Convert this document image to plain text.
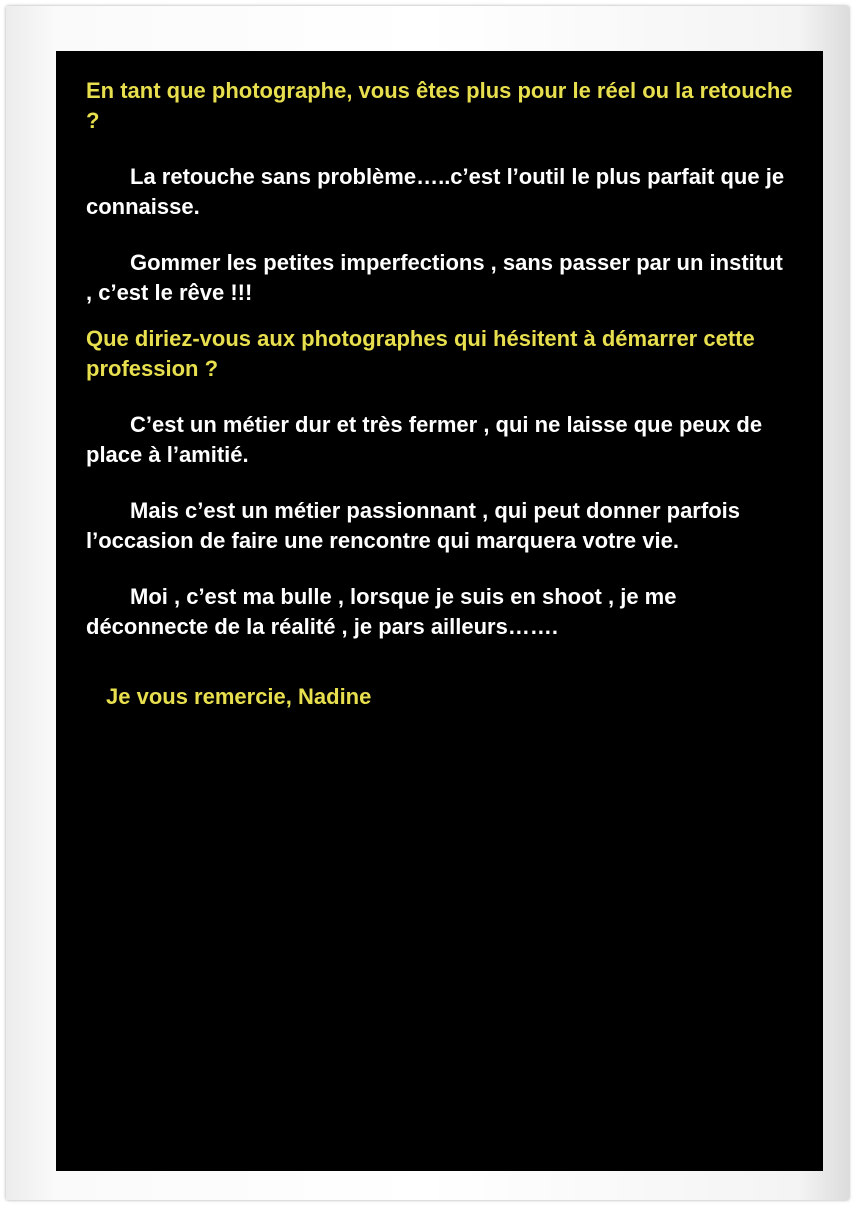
En tant que photographe, vous êtes plus pour le réel ou la retouche ?

La retouche sans problème…..c’est l’outil le plus parfait que je connaisse.

Gommer les petites imperfections , sans passer par un institut , c’est le rêve !!!

Que diriez-vous aux photographes qui hésitent à démarrer cette profession ?

C’est un métier dur et très fermer , qui ne laisse que peux de place à l’amitié.

Mais c’est un métier passionnant , qui peut donner parfois l’occasion de faire une rencontre qui marquera votre vie.

Moi , c’est ma bulle , lorsque je suis en shoot , je me déconnecte de la réalité , je pars ailleurs…….

Je vous remercie, Nadine
